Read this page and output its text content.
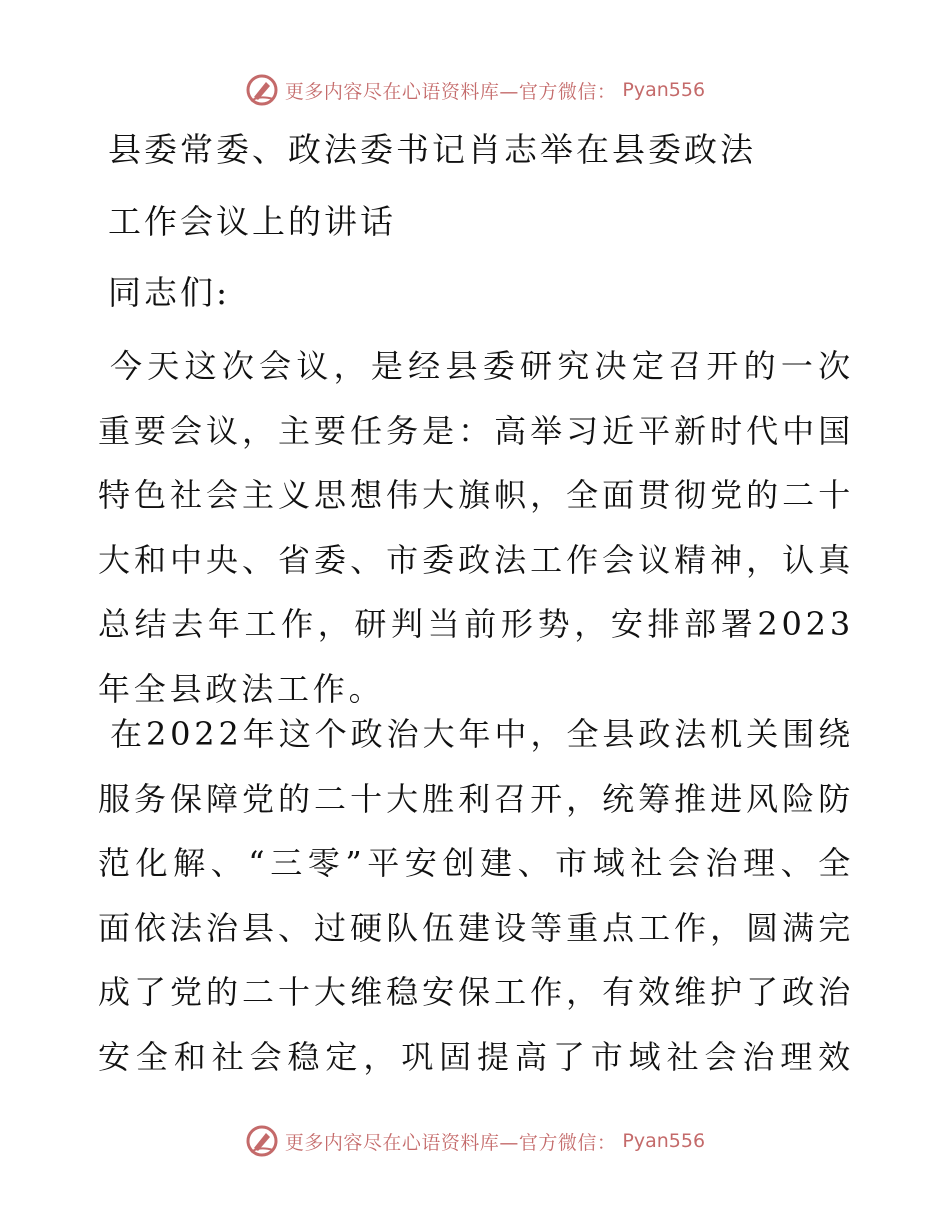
更多内容尽在心语资料库—官方微信： Pyan556
县委常委、政法委书记肖志举在县委政法
工作会议上的讲话
同志们:
今天这次会议，是经县委研究决定召开的一次重要会议，主要任务是：高举习近平新时代中国特色社会主义思想伟大旗帜，全面贯彻党的二十大和中央、省委、市委政法工作会议精神，认真总结去年工作，研判当前形势，安排部署2023年全县政法工作。
在2022年这个政治大年中，全县政法机关围绕服务保障党的二十大胜利召开，统筹推进风险防范化解、“三零”平安创建、市域社会治理、全面依法治县、过硬队伍建设等重点工作，圆满完成了党的二十大维稳安保工作，有效维护了政治安全和社会稳定，巩固提高了市域社会治理效
更多内容尽在心语资料库—官方微信： Pyan556
